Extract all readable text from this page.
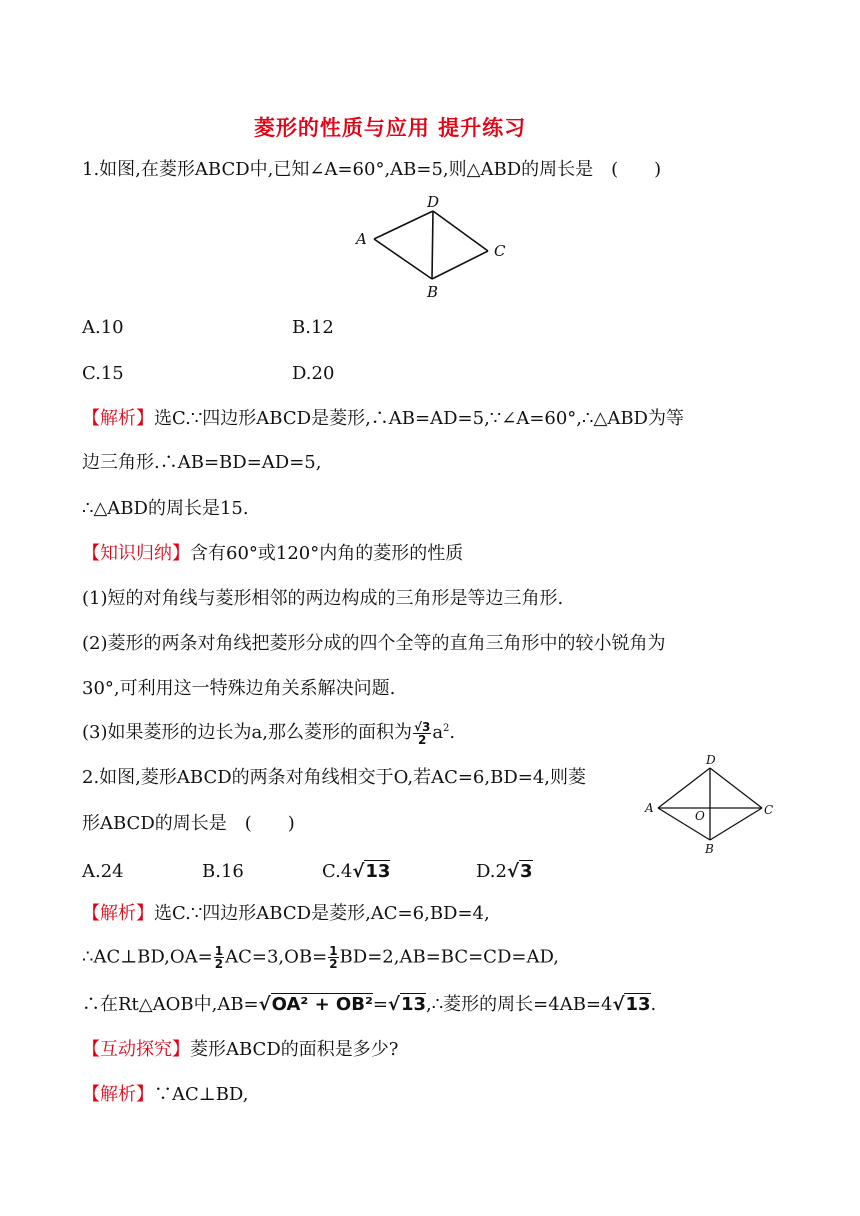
菱形的性质与应用 提升练习
1.如图,在菱形ABCD中,已知∠A=60°,AB=5,则△ABD的周长是　(　　)
A
D
C
B
A.10	B.12
C.15	D.20
【解析】选C.∵四边形ABCD是菱形,∴AB=AD=5,∵∠A=60°,∴△ABD为等
边三角形.∴AB=BD=AD=5,
∴△ABD的周长是15.
【知识归纳】含有60°或120°内角的菱形的性质
(1)短的对角线与菱形相邻的两边构成的三角形是等边三角形.
(2)菱形的两条对角线把菱形分成的四个全等的直角三角形中的较小锐角为
30°,可利用这一特殊边角关系解决问题.
(3)如果菱形的边长为a,那么菱形的面积为 $\frac{√3}{2} a^2$.
2.如图,菱形ABCD的两条对角线相交于O,若AC=6,BD=4,则菱
形ABCD的周长是　(　　)
A
D
C
B
O
A.24	B.16	C.4√13	D.2√3
【解析】选C.∵四边形ABCD是菱形,AC=6,BD=4,
∴AC⊥BD,OA= $\frac{1}{2} AC=3,OB= \frac{1}{2} BD=2,AB=BC=CD=AD$,
∴在Rt△AOB中,AB=√OA² + OB²=√13,∴菱形的周长=4AB=4√13.
【互动探究】菱形ABCD的面积是多少?
【解析】∵AC⊥BD,
